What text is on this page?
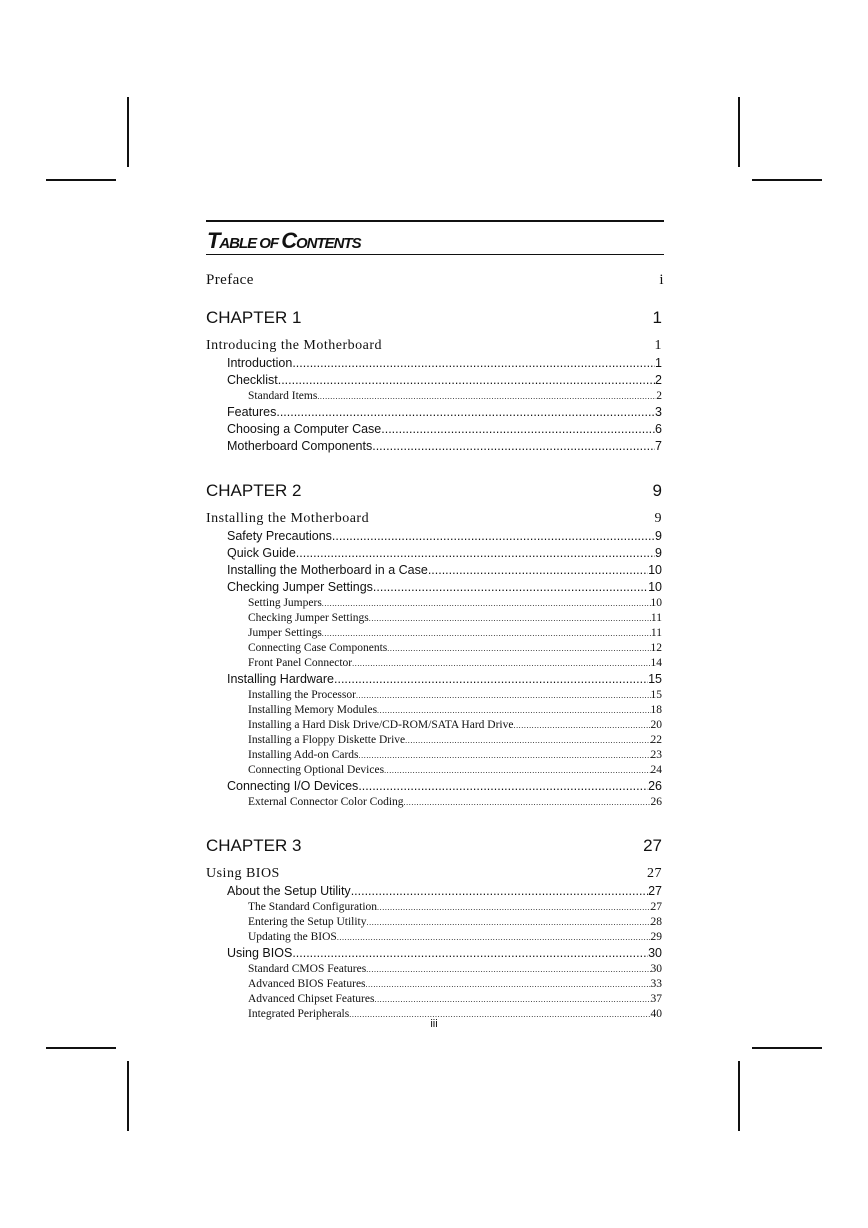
TABLE OF CONTENTS
Preface	i
CHAPTER 1	1
Introducing the Motherboard	1
Introduction .....	1
Checklist .....	2
Standard Items .....	2
Features .....	3
Choosing a Computer Case .....	6
Motherboard Components .....	7
CHAPTER 2	9
Installing the Motherboard	9
Safety Precautions .....	9
Quick Guide .....	9
Installing the Motherboard in a Case .....	10
Checking Jumper Settings .....	10
Setting Jumpers .....	10
Checking Jumper Settings .....	11
Jumper Settings .....	11
Connecting Case Components .....	12
Front Panel Connector .....	14
Installing Hardware .....	15
Installing the Processor .....	15
Installing Memory Modules .....	18
Installing a Hard Disk Drive/CD-ROM/SATA Hard Drive .....	20
Installing a Floppy Diskette Drive .....	22
Installing Add-on Cards .....	23
Connecting Optional Devices .....	24
Connecting I/O Devices .....	26
External Connector Color Coding .....	26
CHAPTER 3	27
Using BIOS	27
About the Setup Utility .....	27
The Standard Configuration .....	27
Entering the Setup Utility .....	28
Updating the BIOS .....	29
Using BIOS .....	30
Standard CMOS Features .....	30
Advanced BIOS Features .....	33
Advanced Chipset Features .....	37
Integrated Peripherals .....	40
iii
